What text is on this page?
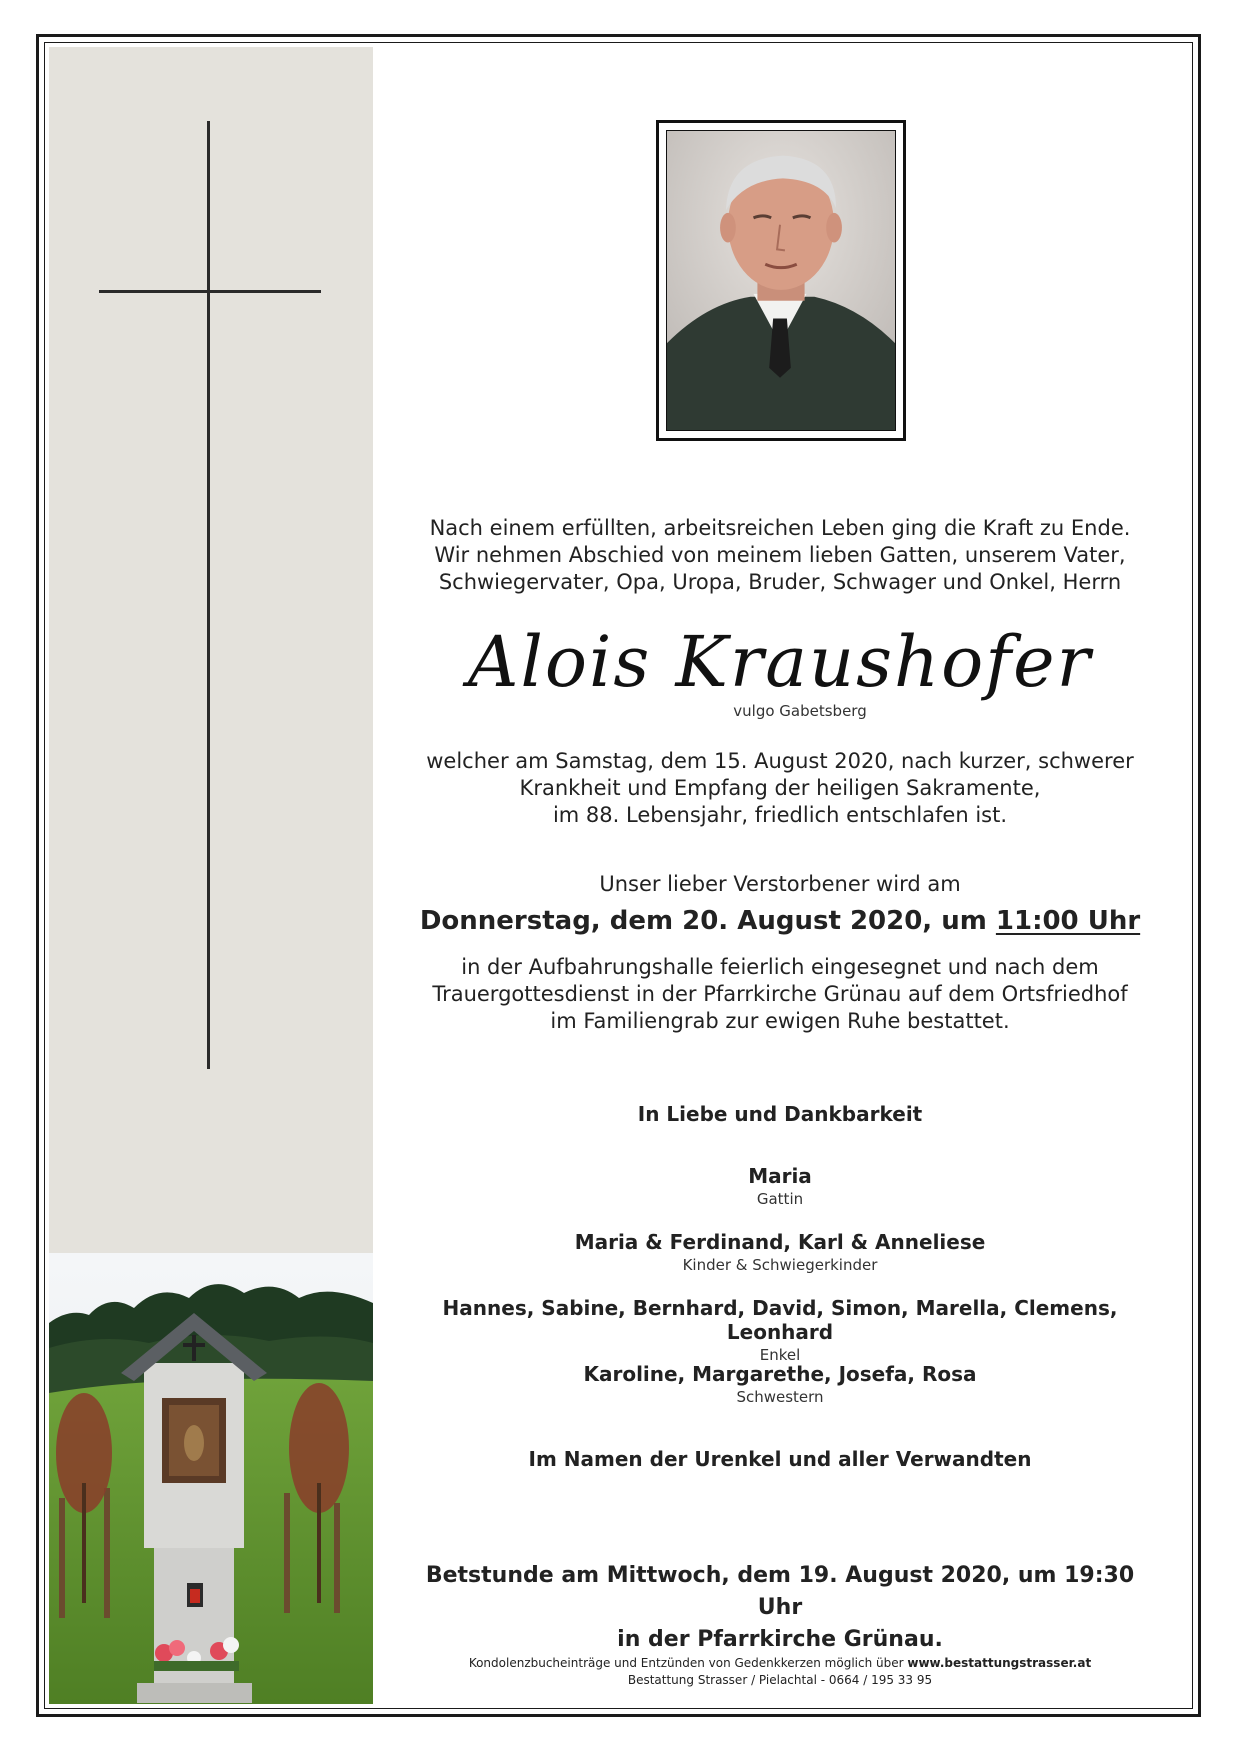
Nach einem erfüllten, arbeitsreichen Leben ging die Kraft zu Ende.
Wir nehmen Abschied von meinem lieben Gatten, unserem Vater,
Schwiegervater, Opa, Uropa, Bruder, Schwager und Onkel, Herrn
Alois Kraushofer
vulgo Gabetsberg
welcher am Samstag, dem 15. August 2020, nach kurzer, schwerer
Krankheit und Empfang der heiligen Sakramente,
im 88. Lebensjahr, friedlich entschlafen ist.
Unser lieber Verstorbener wird am
Donnerstag, dem 20. August 2020, um 11:00 Uhr
in der Aufbahrungshalle feierlich eingesegnet und nach dem
Trauergottesdienst in der Pfarrkirche Grünau auf dem Ortsfriedhof
im Familiengrab zur ewigen Ruhe bestattet.
In Liebe und Dankbarkeit
Maria
Gattin
Maria & Ferdinand, Karl & Anneliese
Kinder & Schwiegerkinder
Hannes, Sabine, Bernhard, David, Simon, Marella, Clemens, Leonhard
Enkel
Karoline, Margarethe, Josefa, Rosa
Schwestern
Im Namen der Urenkel und aller Verwandten
Betstunde am Mittwoch, dem 19. August 2020, um 19:30 Uhr
in der Pfarrkirche Grünau.
Kondolenzbucheinträge und Entzünden von Gedenkkerzen möglich über www.bestattungstrasser.at
Bestattung Strasser / Pielachtal - 0664 / 195 33 95
